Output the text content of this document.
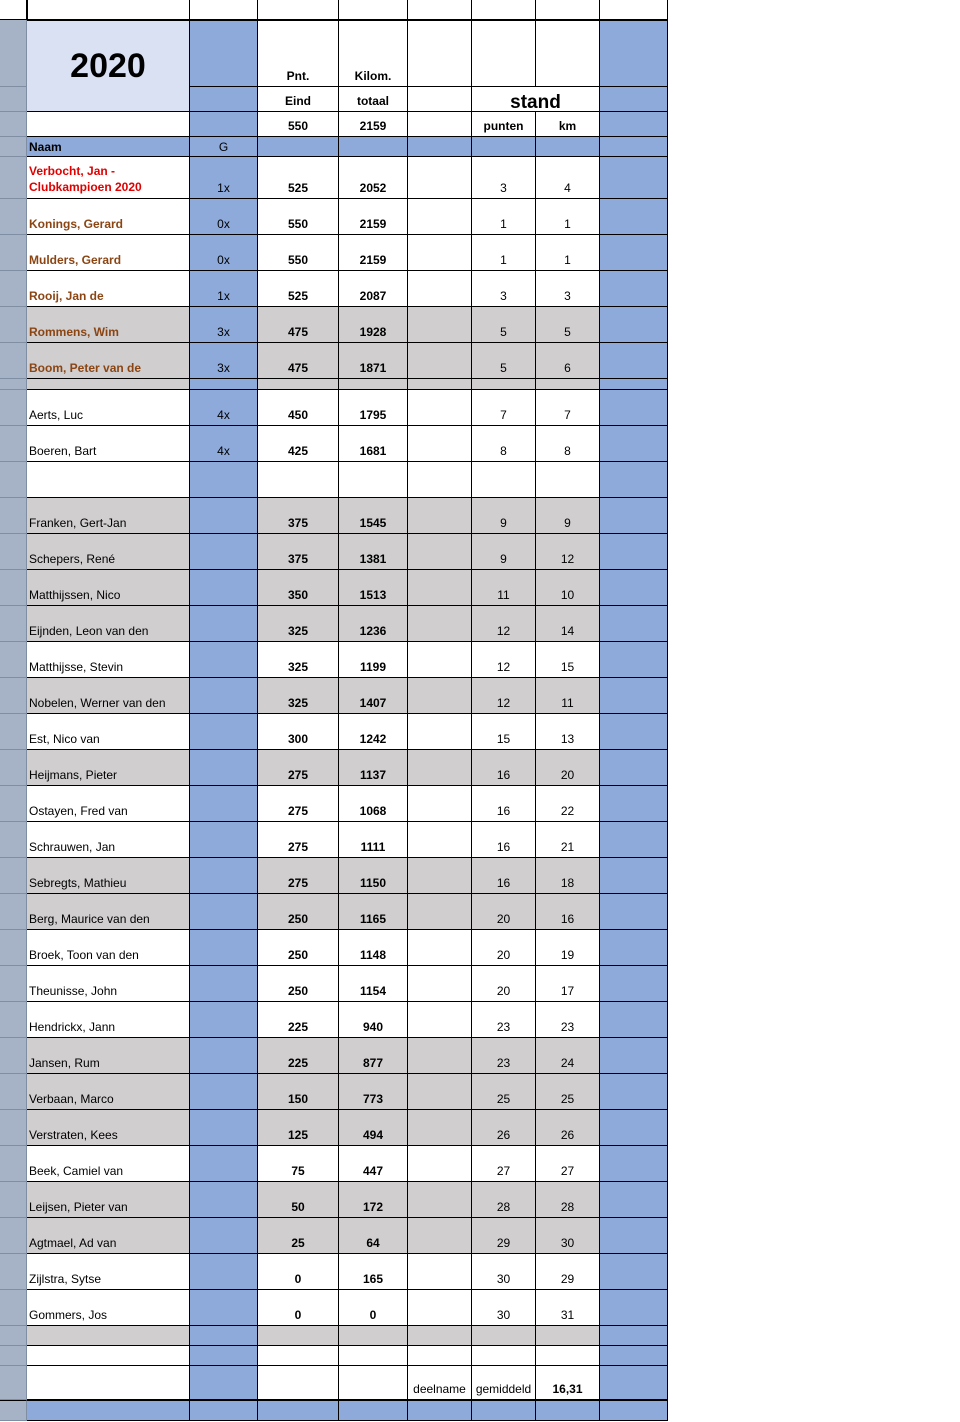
Pnt.	Kilom.
Eind	totaal	stand
2020
550	2159	punten	km
Naam	G
Verbocht, Jan - Clubkampioen 2020	1x	525	2052	3	4
Konings, Gerard	0x	550	2159	1	1
Mulders, Gerard	0x	550	2159	1	1
Rooij, Jan de	1x	525	2087	3	3
Rommens, Wim	3x	475	1928	5	5
Boom, Peter van de	3x	475	1871	5	6
Aerts, Luc	4x	450	1795	7	7
Boeren, Bart	4x	425	1681	8	8
Franken, Gert-Jan	375	1545	9	9
Schepers, René	375	1381	9	12
Matthijssen, Nico	350	1513	11	10
Eijnden, Leon van den	325	1236	12	14
Matthijsse, Stevin	325	1199	12	15
Nobelen, Werner van den	325	1407	12	11
Est, Nico van	300	1242	15	13
Heijmans, Pieter	275	1137	16	20
Ostayen, Fred van	275	1068	16	22
Schrauwen, Jan	275	1111	16	21
Sebregts, Mathieu	275	1150	16	18
Berg, Maurice van den	250	1165	20	16
Broek, Toon van den	250	1148	20	19
Theunisse, John	250	1154	20	17
Hendrickx, Jann	225	940	23	23
Jansen, Rum	225	877	23	24
Verbaan, Marco	150	773	25	25
Verstraten, Kees	125	494	26	26
Beek, Camiel van	75	447	27	27
Leijsen, Pieter van	50	172	28	28
Agtmael, Ad van	25	64	29	30
Zijlstra, Sytse	0	165	30	29
Gommers, Jos	0	0	30	31
deelname gemiddeld	16,31
